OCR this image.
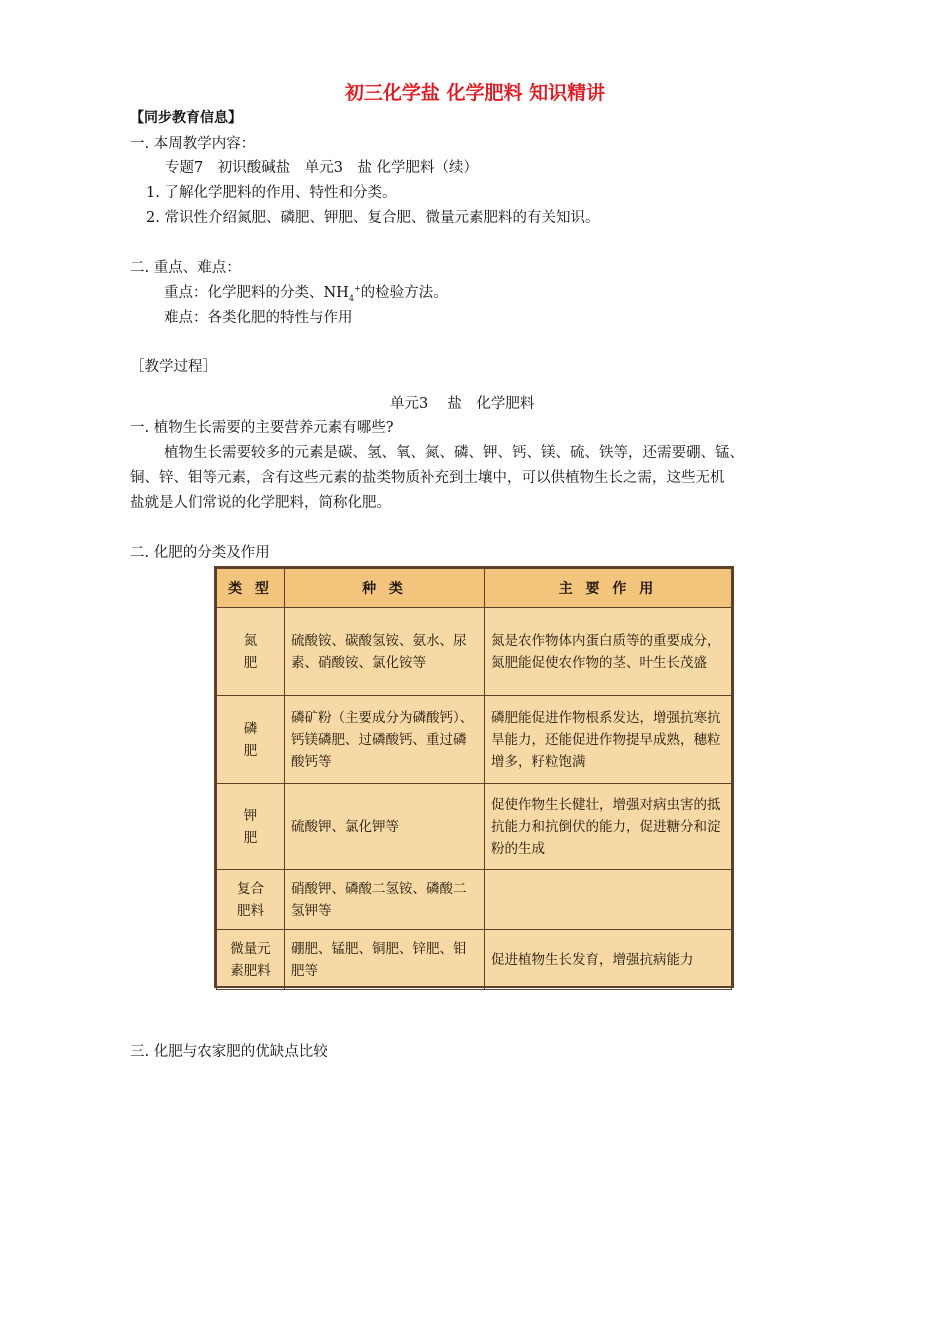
初三化学盐 化学肥料 知识精讲
【同步教育信息】
一. 本周教学内容：
专题7　初识酸碱盐　单元3　盐 化学肥料（续）
1. 了解化学肥料的作用、特性和分类。
2. 常识性介绍氮肥、磷肥、钾肥、复合肥、微量元素肥料的有关知识。
二. 重点、难点：
重点：化学肥料的分类、$NH_4^+$的检验方法。
难点：各类化肥的特性与作用
［教学过程］
单元3　 盐　化学肥料
一. 植物生长需要的主要营养元素有哪些?
植物生长需要较多的元素是碳、氢、氧、氮、磷、钾、钙、镁、硫、铁等，还需要硼、锰、
铜、锌、钼等元素，含有这些元素的盐类物质补充到土壤中，可以供植物生长之需，这些无机
盐就是人们常说的化学肥料，简称化肥。
二. 化肥的分类及作用
类 型	种 类	主 要 作 用
氮
肥	硫酸铵、碳酸氢铵、氨水、尿素、硝酸铵、氯化铵等	氮是农作物体内蛋白质等的重要成分，氮肥能促使农作物的茎、叶生长茂盛
磷
肥	磷矿粉（主要成分为磷酸钙）、钙镁磷肥、过磷酸钙、重过磷酸钙等	磷肥能促进作物根系发达，增强抗寒抗旱能力，还能促进作物提早成熟，穗粒增多，籽粒饱满
钾
肥	硫酸钾、氯化钾等	促使作物生长健壮，增强对病虫害的抵抗能力和抗倒伏的能力，促进糖分和淀粉的生成
复合
肥料	硝酸钾、磷酸二氢铵、磷酸二氢钾等	
微量元
素肥料	硼肥、锰肥、铜肥、锌肥、钼肥等	促进植物生长发育，增强抗病能力
三. 化肥与农家肥的优缺点比较
